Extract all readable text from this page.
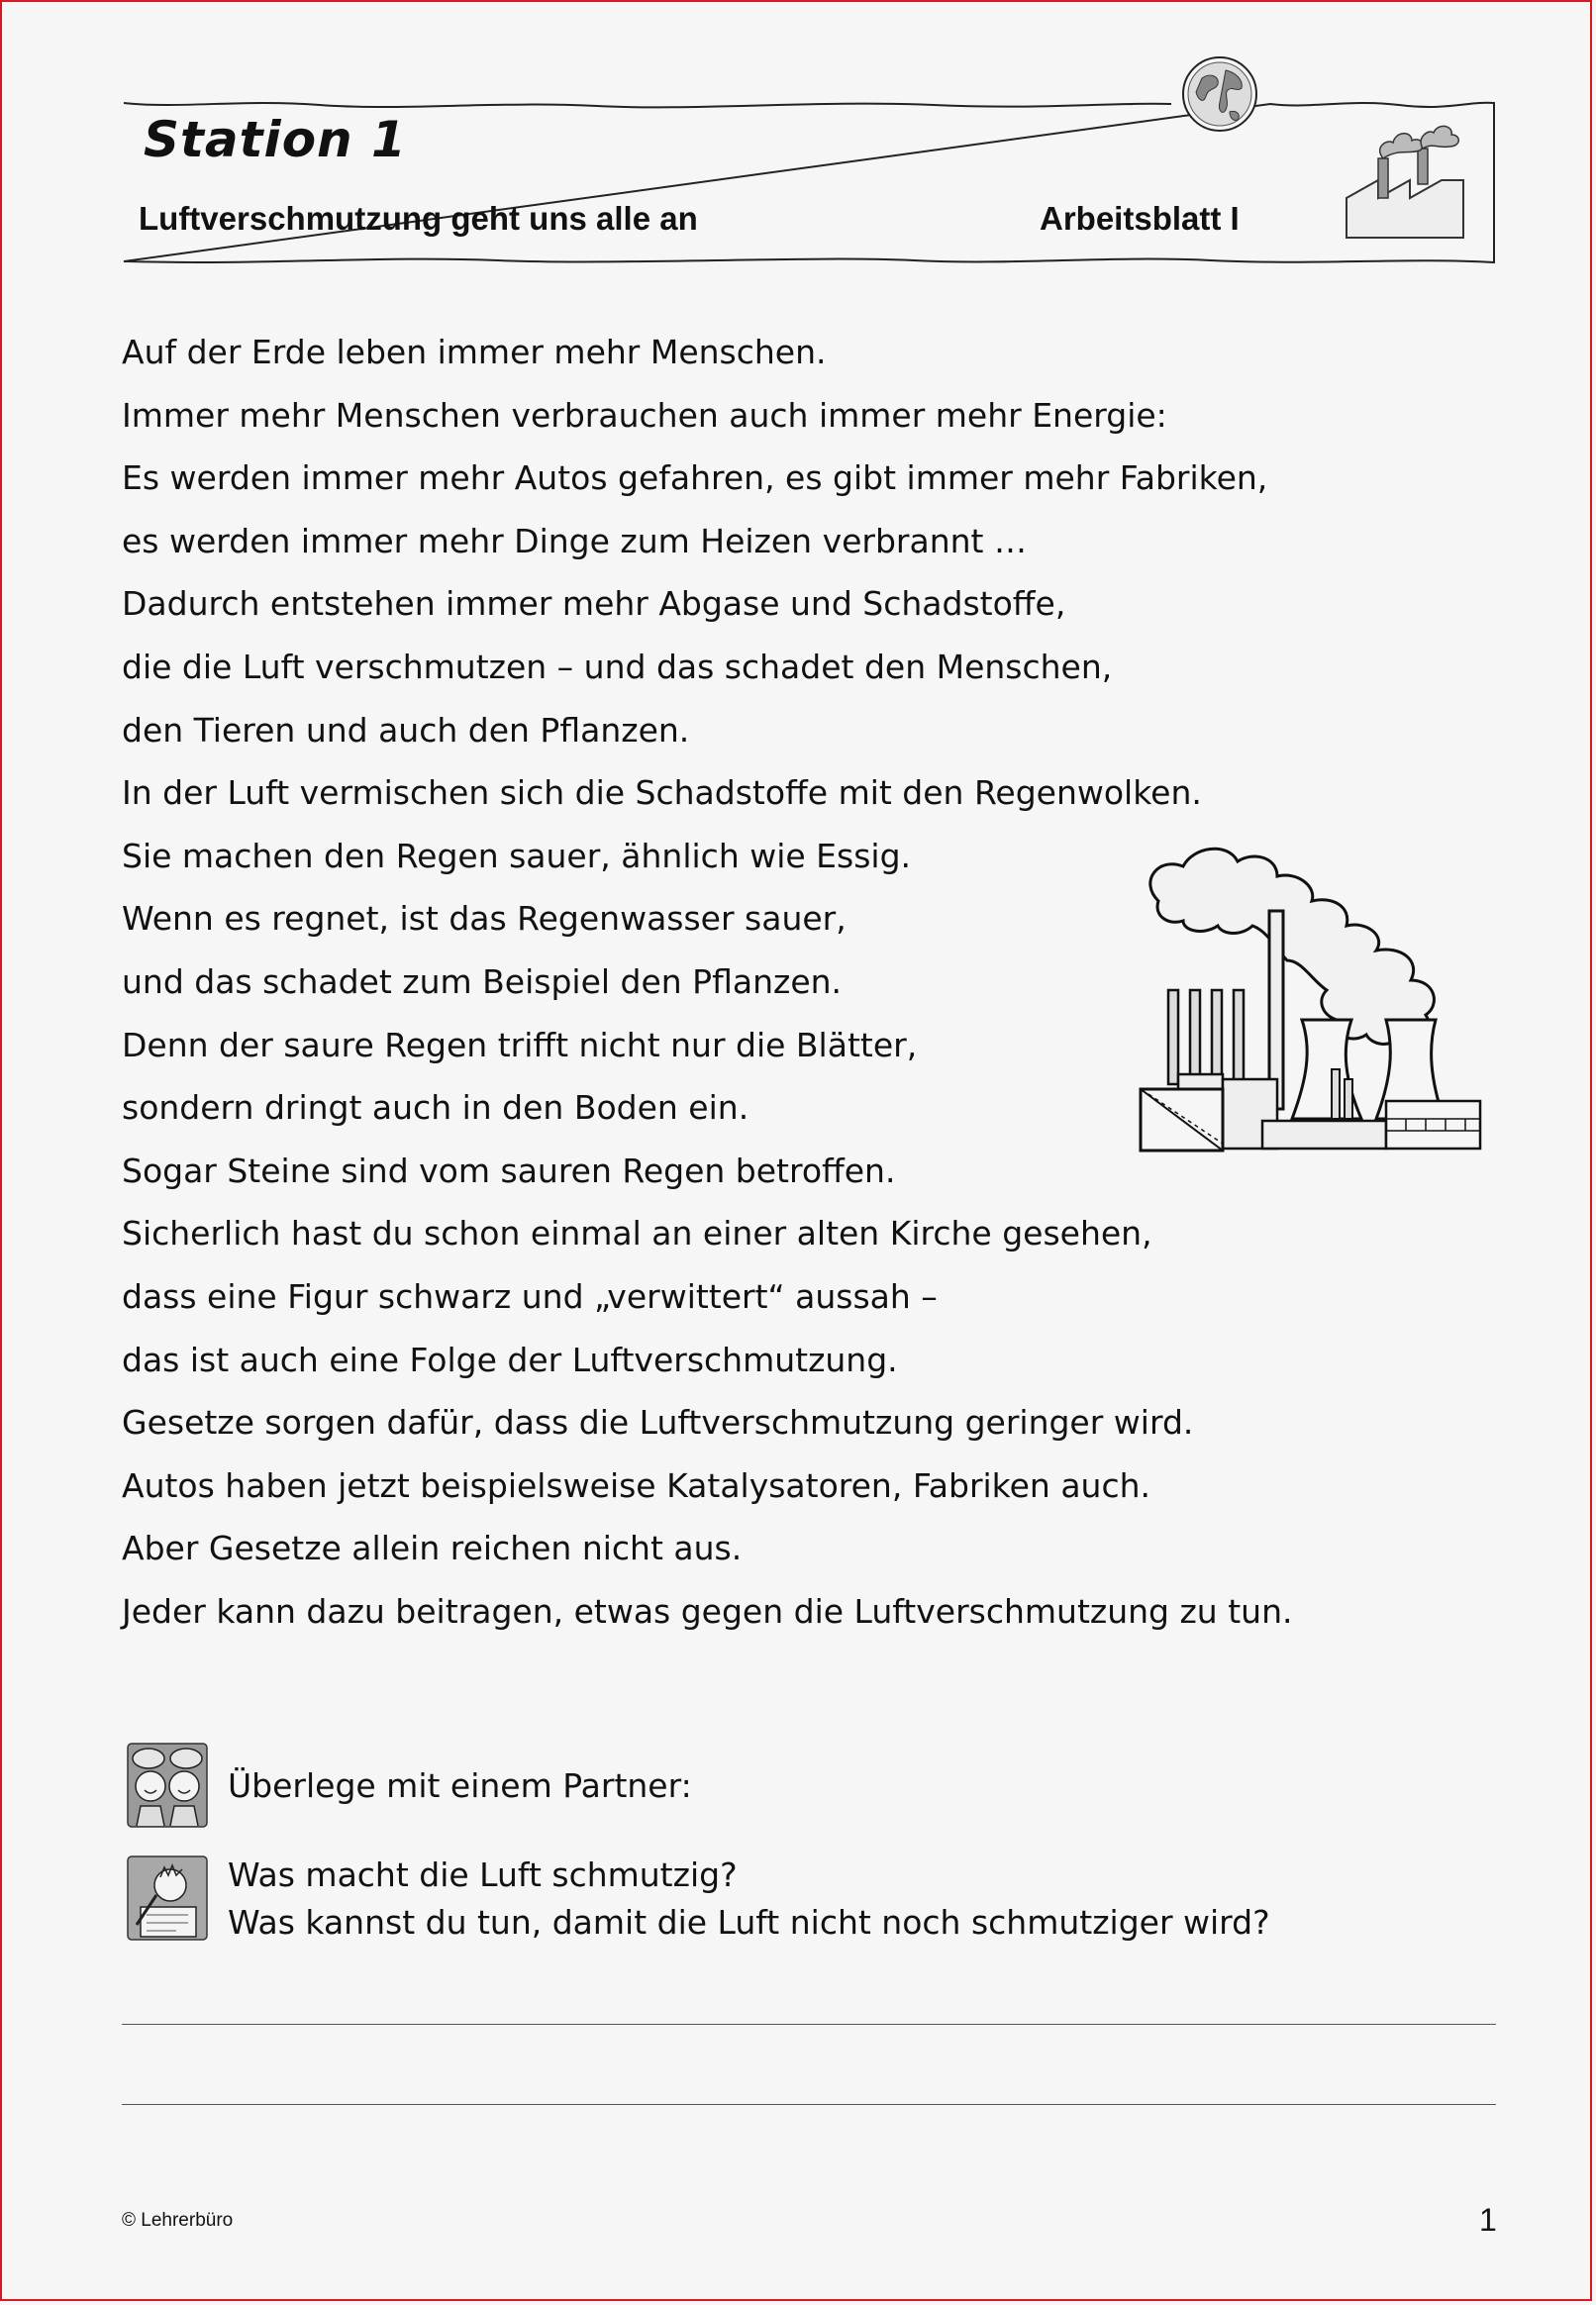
Station 1
Luftverschmutzung geht uns alle an	Arbeitsblatt I
Auf der Erde leben immer mehr Menschen.
Immer mehr Menschen verbrauchen auch immer mehr Energie:
Es werden immer mehr Autos gefahren, es gibt immer mehr Fabriken,
es werden immer mehr Dinge zum Heizen verbrannt …
Dadurch entstehen immer mehr Abgase und Schadstoffe,
die die Luft verschmutzen – und das schadet den Menschen,
den Tieren und auch den Pflanzen.
In der Luft vermischen sich die Schadstoffe mit den Regenwolken.
Sie machen den Regen sauer, ähnlich wie Essig.
Wenn es regnet, ist das Regenwasser sauer,
und das schadet zum Beispiel den Pflanzen.
Denn der saure Regen trifft nicht nur die Blätter,
sondern dringt auch in den Boden ein.
Sogar Steine sind vom sauren Regen betroffen.
Sicherlich hast du schon einmal an einer alten Kirche gesehen,
dass eine Figur schwarz und „verwittert“ aussah –
das ist auch eine Folge der Luftverschmutzung.
Gesetze sorgen dafür, dass die Luftverschmutzung geringer wird.
Autos haben jetzt beispielsweise Katalysatoren, Fabriken auch.
Aber Gesetze allein reichen nicht aus.
Jeder kann dazu beitragen, etwas gegen die Luftverschmutzung zu tun.
Überlege mit einem Partner:
Was macht die Luft schmutzig?
Was kannst du tun, damit die Luft nicht noch schmutziger wird?
© Lehrerbüro	1
